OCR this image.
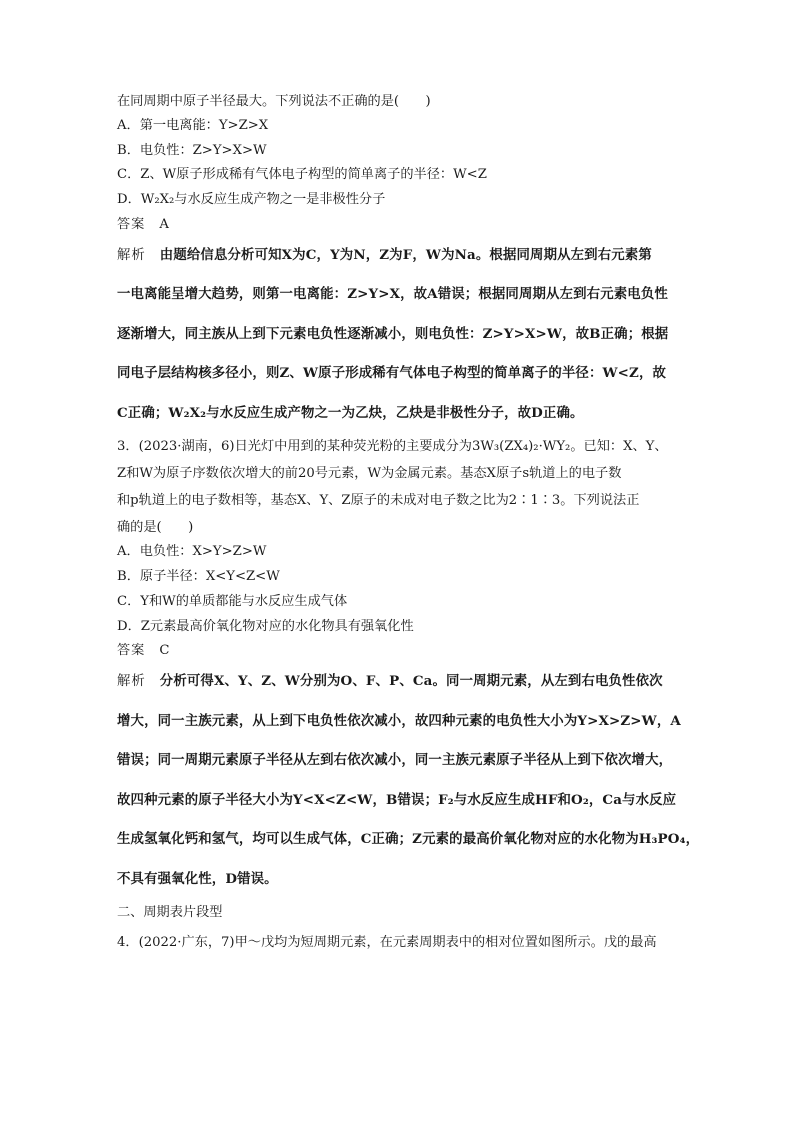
在同周期中原子半径最大。下列说法不正确的是(　　)
A．第一电离能：Y>Z>X
B．电负性：Z>Y>X>W
C．Z、W原子形成稀有气体电子构型的简单离子的半径：W<Z
D．W₂X₂与水反应生成产物之一是非极性分子
答案 A
解析 由题给信息分析可知X为C，Y为N，Z为F，W为Na。根据同周期从左到右元素第
一电离能呈增大趋势，则第一电离能：Z>Y>X，故A错误；根据同周期从左到右元素电负性
逐渐增大，同主族从上到下元素电负性逐渐减小，则电负性：Z>Y>X>W，故B正确；根据
同电子层结构核多径小，则Z、W原子形成稀有气体电子构型的简单离子的半径：W<Z，故
C正确；W₂X₂与水反应生成产物之一为乙炔，乙炔是非极性分子，故D正确。
3．(2023·湖南，6)日光灯中用到的某种荧光粉的主要成分为3W₃(ZX₄)₂·WY₂。已知：X、Y、
Z和W为原子序数依次增大的前20号元素，W为金属元素。基态X原子s轨道上的电子数
和p轨道上的电子数相等，基态X、Y、Z原子的未成对电子数之比为2∶1∶3。下列说法正
确的是(　　)
A．电负性：X>Y>Z>W
B．原子半径：X<Y<Z<W
C．Y和W的单质都能与水反应生成气体
D．Z元素最高价氧化物对应的水化物具有强氧化性
答案 C
解析 分析可得X、Y、Z、W分别为O、F、P、Ca。同一周期元素，从左到右电负性依次
增大，同一主族元素，从上到下电负性依次减小，故四种元素的电负性大小为Y>X>Z>W，A
错误；同一周期元素原子半径从左到右依次减小，同一主族元素原子半径从上到下依次增大，
故四种元素的原子半径大小为Y<X<Z<W，B错误；F₂与水反应生成HF和O₂，Ca与水反应
生成氢氧化钙和氢气，均可以生成气体，C正确；Z元素的最高价氧化物对应的水化物为H₃PO₄，
不具有强氧化性，D错误。
二、周期表片段型
4．(2022·广东，7)甲～戊均为短周期元素，在元素周期表中的相对位置如图所示。戊的最高
